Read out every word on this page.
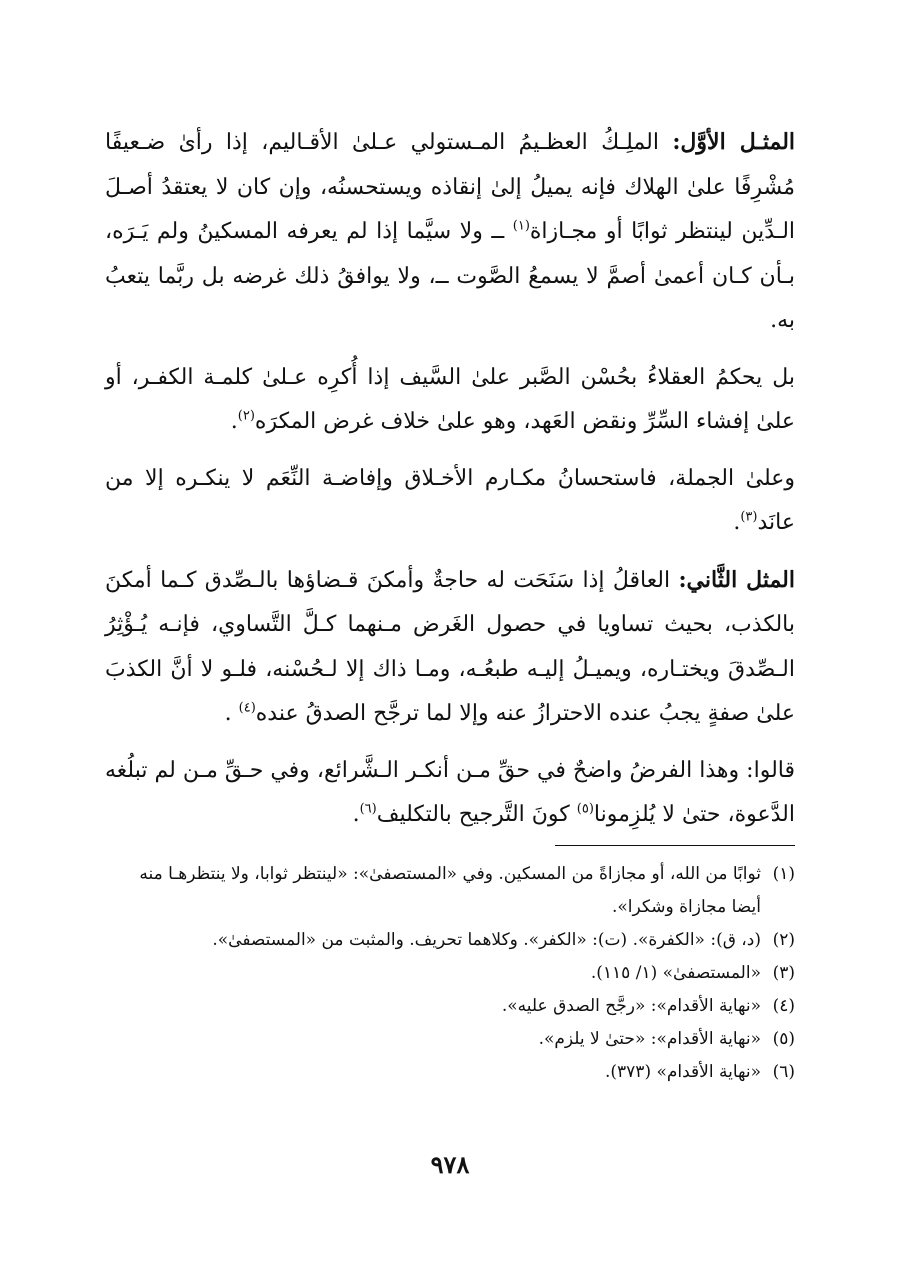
المثـل الأوَّل: الملِـكُ العظـيمُ المـستولي عـلىٰ الأقـاليم، إذا رأىٰ ضـعيفًا مُشْرِفًا علىٰ الهلاك فإنه يميلُ إلىٰ إنقاذه ويستحسنُه، وإن كان لا يعتقدُ أصـلَ الـدِّين لينتظر ثوابًا أو مجـازاة$^{(١)}$ ــ ولا سيَّما إذا لم يعرفه المسكينُ ولم يَـرَه، بـأن كـان أعمىٰ أصمَّ لا يسمعُ الصَّوت ــ، ولا يوافقُ ذلك غرضه بل ربَّما يتعبُ به.

بل يحكمُ العقلاءُ بحُسْن الصَّبر علىٰ السَّيف إذا أُكرِه عـلىٰ كلمـة الكفـر، أو علىٰ إفشاء السِّرِّ ونقض العَهد، وهو علىٰ خلاف غرض المكرَه$^{(٢)}$.

وعلىٰ الجملة، فاستحسانُ مكـارم الأخـلاق وإفاضـة النِّعَم لا ينكـره إلا من عانَد$^{(٣)}$.

المثل الثَّاني: العاقلُ إذا سَنَحَت له حاجةٌ وأمكنَ قـضاؤها بالـصِّدق كـما أمكنَ بالكذب، بحيث تساويا في حصول الغَرض مـنهما كـلَّ التَّساوي، فإنـه يُـؤْثِرُ الـصِّدقَ ويختـاره، ويميـلُ إليـه طبعُـه، ومـا ذاك إلا لـحُسْنه، فلـو لا أنَّ الكذبَ علىٰ صفةٍ يجبُ عنده الاحترازُ عنه وإلا لما ترجَّح الصدقُ عنده$^{(٤)}$ .

قالوا: وهذا الفرضُ واضحٌ في حقِّ مـن أنكـر الـشَّرائع، وفي حـقِّ مـن لم تبلُغه الدَّعوة، حتىٰ لا يُلزِمونا$^{(٥)}$ كونَ التَّرجيح بالتكليف$^{(٦)}$.

(١)
ثوابًا من الله، أو مجازاةً من المسكين. وفي «المستصفىٰ»: «لينتظر ثوابا، ولا ينتظرهـا منه أيضا مجازاة وشكرا».
(٢)
(د، ق): «الكفرة». (ت): «الكفر». وكلاهما تحريف. والمثبت من «المستصفىٰ».
(٣)
«المستصفىٰ» (١/ ١١٥).
(٤)
«نهاية الأقدام»: «رجَّح الصدق عليه».
(٥)
«نهاية الأقدام»: «حتىٰ لا يلزم».
(٦)
«نهاية الأقدام» (٣٧٣).
٩٧٨
